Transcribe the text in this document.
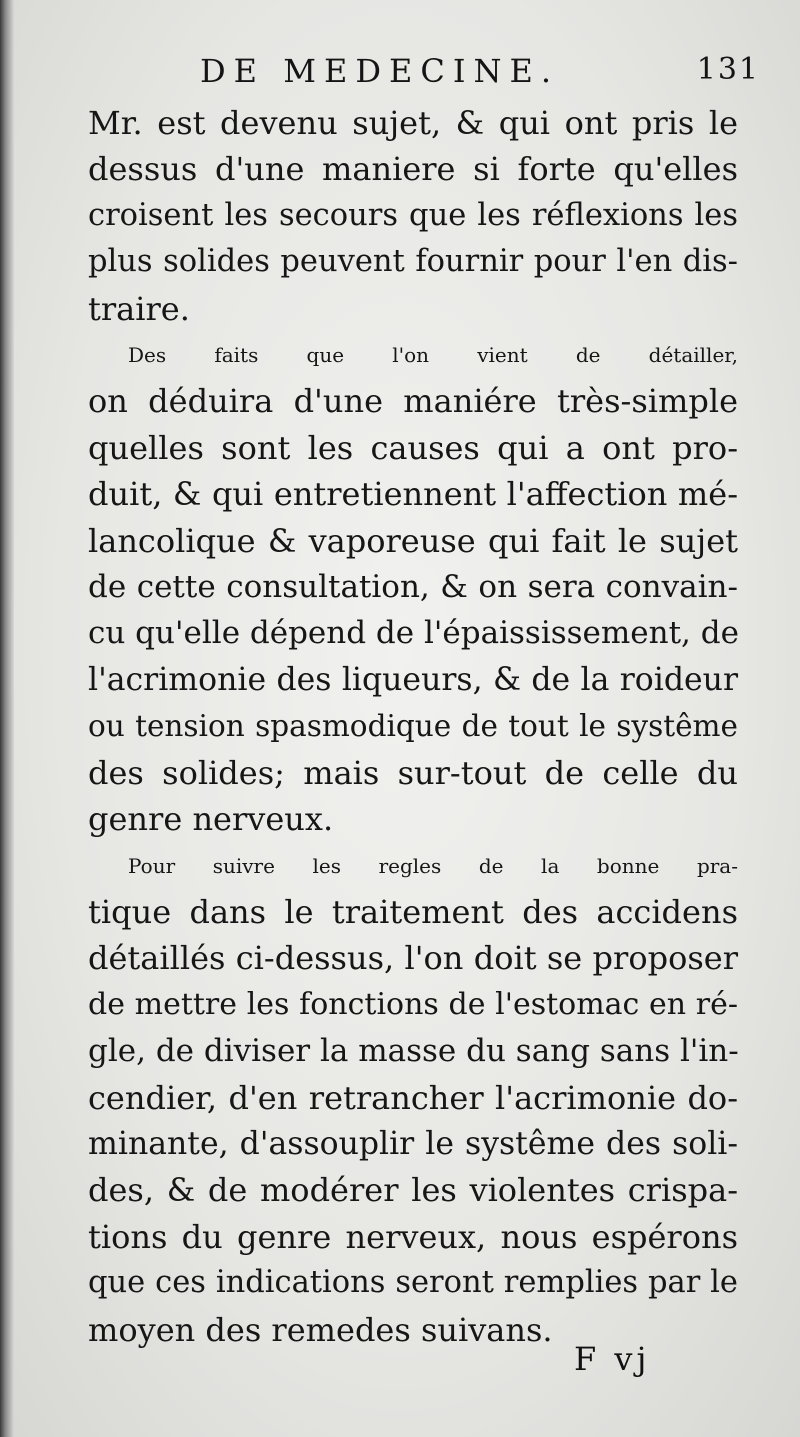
DE MEDECINE.	131
Mr. est devenu sujet, & qui ont pris le
dessus d'une maniere si forte qu'elles
croisent les secours que les réflexions les
plus solides peuvent fournir pour l'en dis-
traire.
Des faits que l'on vient de détailler,
on déduira d'une maniére très-simple
quelles sont les causes qui a ont pro-
duit, & qui entretiennent l'affection mé-
lancolique & vaporeuse qui fait le sujet
de cette consultation, & on sera convain-
cu qu'elle dépend de l'épaississement, de
l'acrimonie des liqueurs, & de la roideur
ou tension spasmodique de tout le systême
des solides; mais sur-tout de celle du
genre nerveux.
Pour suivre les regles de la bonne pra-
tique dans le traitement des accidens
détaillés ci-dessus, l'on doit se proposer
de mettre les fonctions de l'estomac en ré-
gle, de diviser la masse du sang sans l'in-
cendier, d'en retrancher l'acrimonie do-
minante, d'assouplir le systême des soli-
des, & de modérer les violentes crispa-
tions du genre nerveux, nous espérons
que ces indications seront remplies par le
moyen des remedes suivans.
F vj
